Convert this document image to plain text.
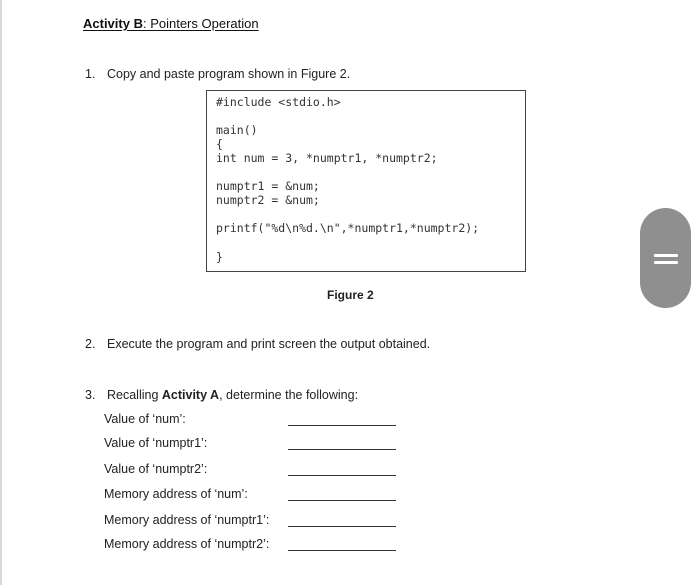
Activity B: Pointers Operation
1. Copy and paste program shown in Figure 2.
#include <stdio.h>
main()
{
int num = 3, *numptr1, *numptr2;
numptr1 = &num;
numptr2 = &num;
printf("%d\n%d.\n",*numptr1,*numptr2);
}
Figure 2
2. Execute the program and print screen the output obtained.
3. Recalling Activity A, determine the following:
Value of ‘num’:
Value of ‘numptr1’:
Value of ‘numptr2’:
Memory address of ‘num’:
Memory address of ‘numptr1’:
Memory address of ‘numptr2’:
